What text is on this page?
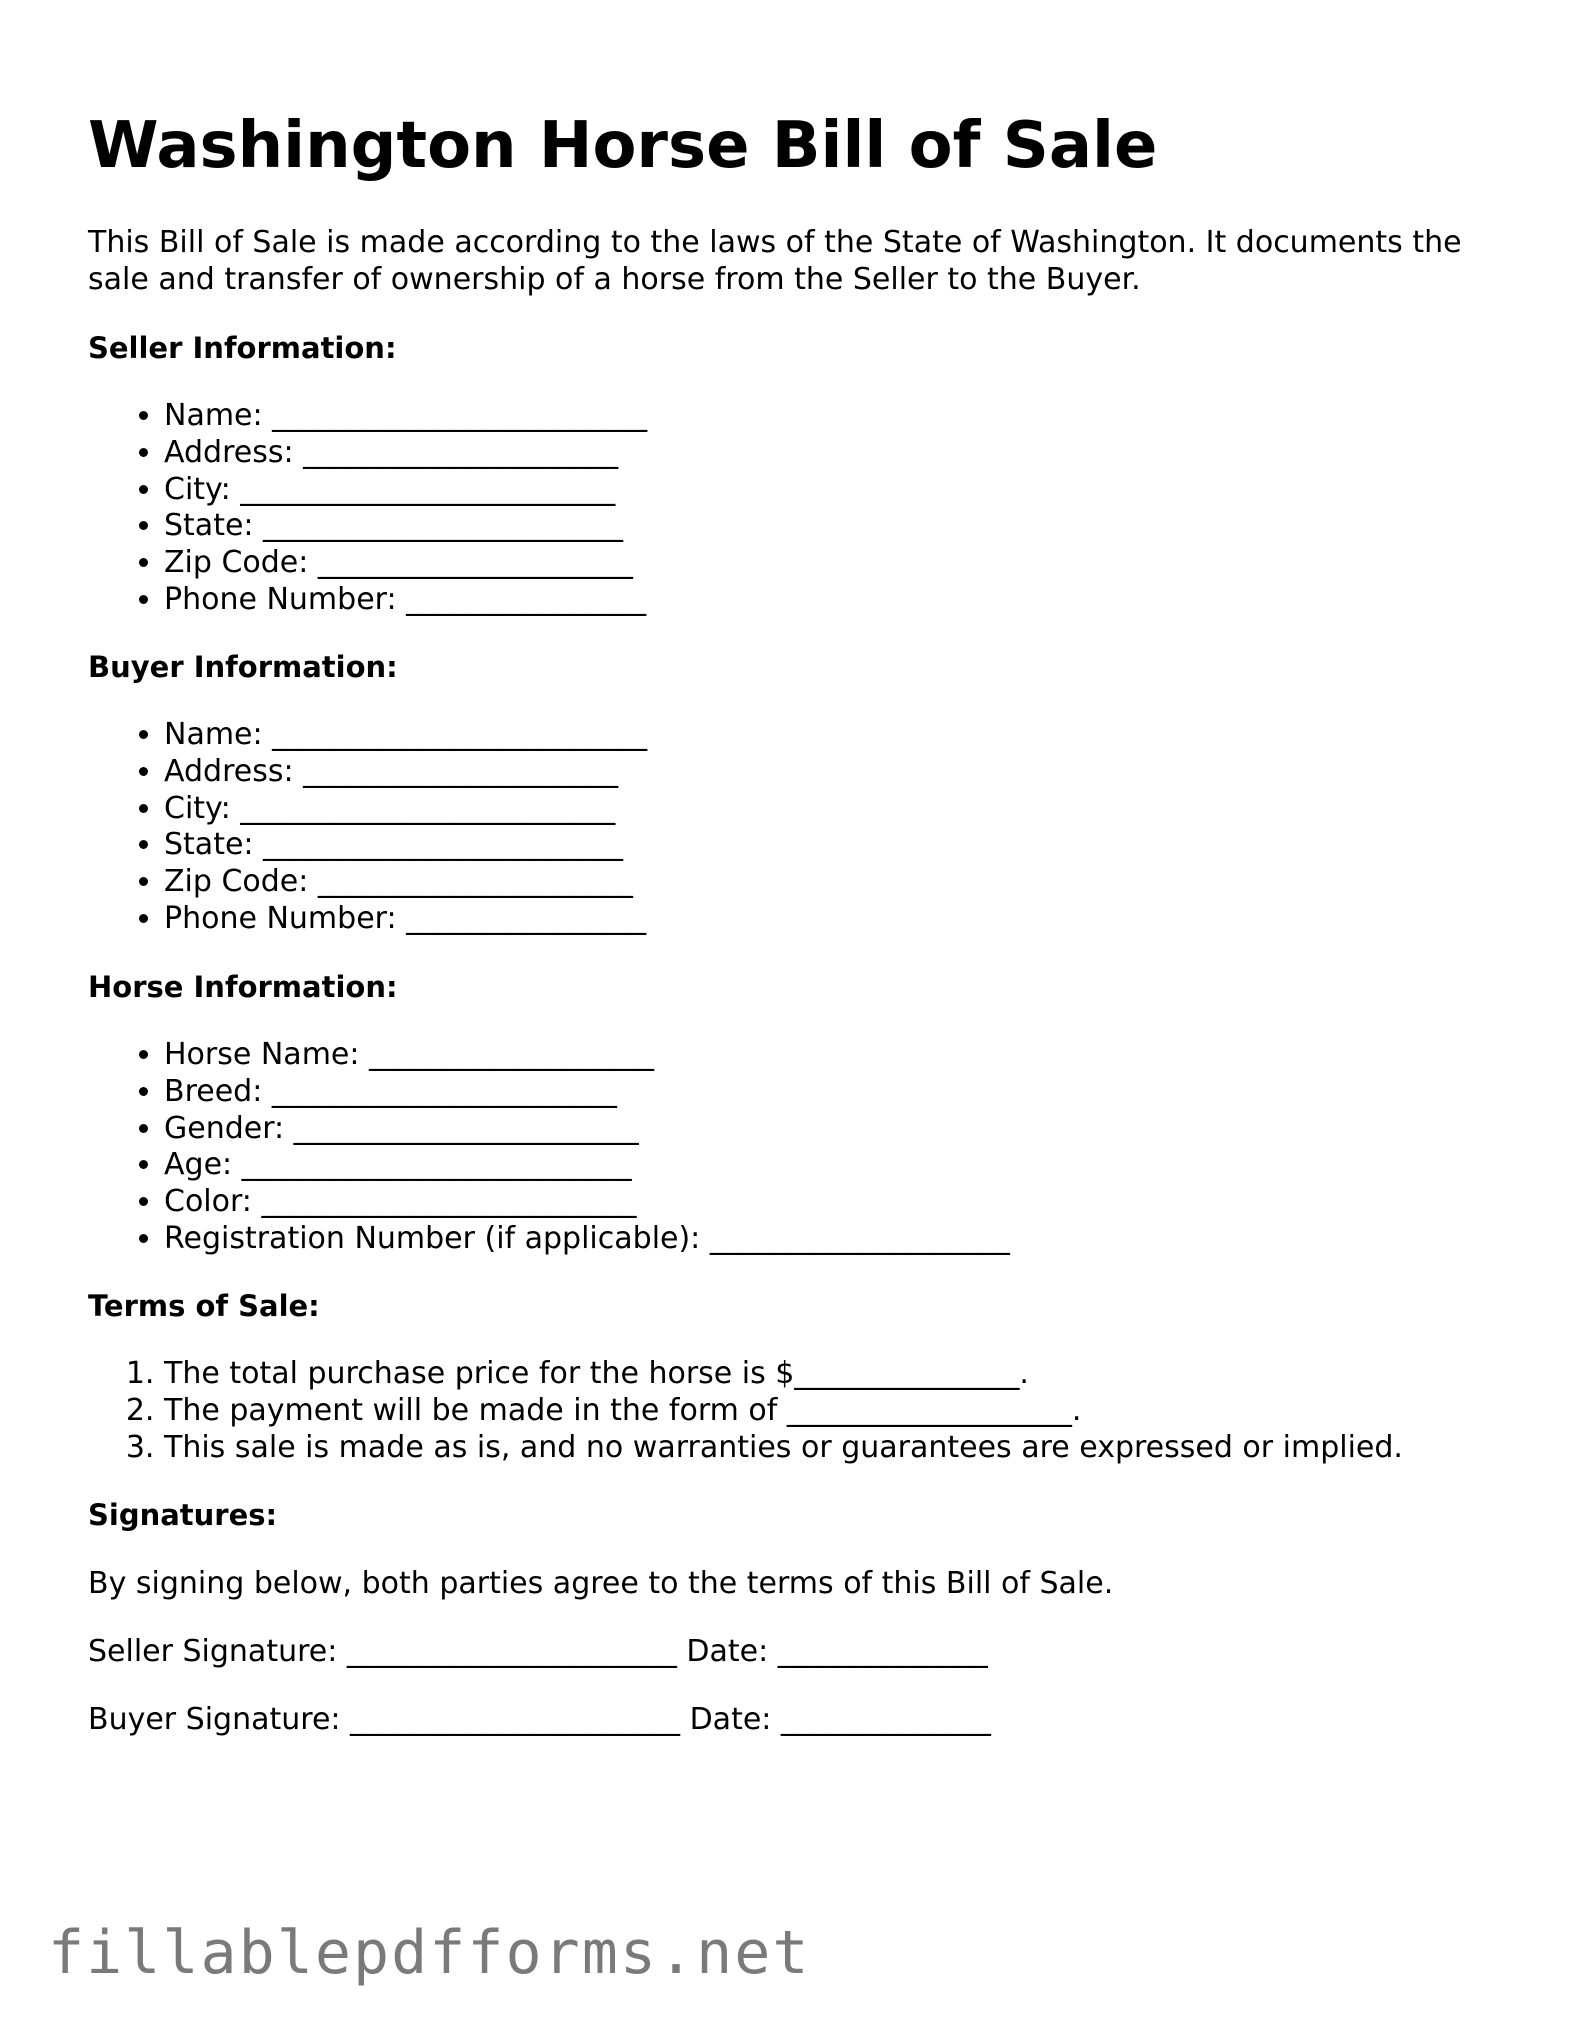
Washington Horse Bill of Sale

This Bill of Sale is made according to the laws of the State of Washington. It documents the sale and transfer of ownership of a horse from the Seller to the Buyer.

Seller Information:
• Name: _________________________
• Address: _____________________
• City: _________________________
• State: ________________________
• Zip Code: _____________________
• Phone Number: ________________
Buyer Information:
• Name: _________________________
• Address: _____________________
• City: _________________________
• State: ________________________
• Zip Code: _____________________
• Phone Number: ________________
Horse Information:
• Horse Name: ___________________
• Breed: _______________________
• Gender: _______________________
• Age: __________________________
• Color: _________________________
• Registration Number (if applicable): ____________________
Terms of Sale:
1. The total purchase price for the horse is $_______________.
2. The payment will be made in the form of ___________________.
3. This sale is made as is, and no warranties or guarantees are expressed or implied.
Signatures:

By signing below, both parties agree to the terms of this Bill of Sale.

Seller Signature: ______________________ Date: ______________

Buyer Signature: ______________________ Date: ______________

fillablepdfforms.net
